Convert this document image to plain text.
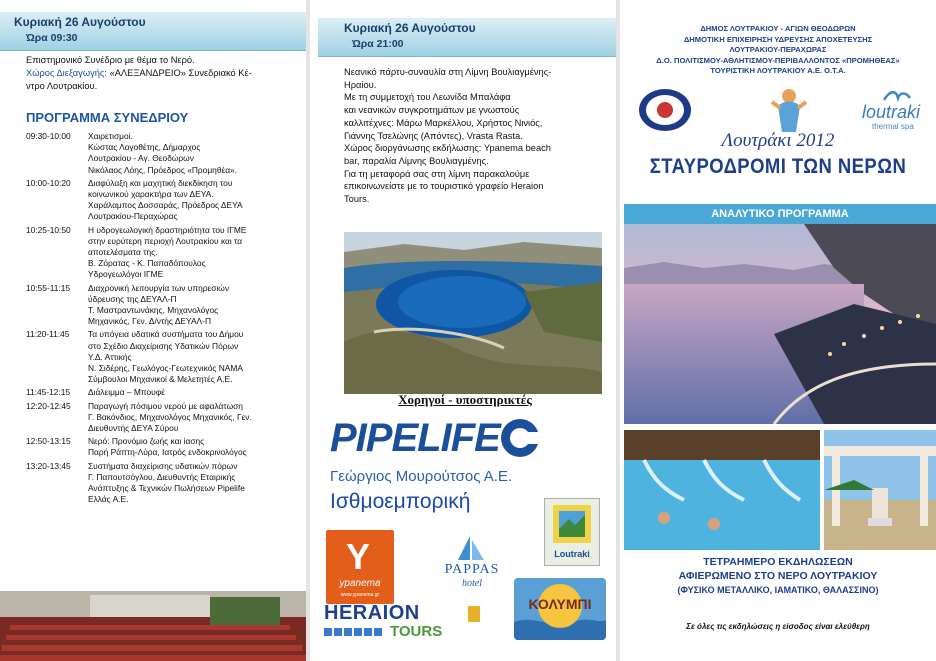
Κυριακή 26 Αυγούστου
Ώρα 09:30
Επιστημονικό Συνέδριο με θέμα το Νερό.
Χώρος Διεξαγωγής: «ΑΛΕΞΑΝΔΡΕΙΟ» Συνεδριακό Κέ-
ντρο Λουτρακίου.
ΠΡΟΓΡΑΜΜΑ ΣΥΝΕΔΡΙΟΥ
09:30-10:00	Χαιρετισμοί.
Κώστας Λογοθέτης, Δήμαρχος
Λουτρακίου - Αγ. Θεοδώρων
Νικόλαος Λόης, Πρόεδρος «Προμηθέα».
10:00-10:20	Διαφύλαξη και μαχητική διεκδίκηση του
κοινωνικού χαρακτήρα των ΔΕΥΑ.
Χαράλαμπος Δοσσαράς, Πρόεδρος ΔΕΥΑ
Λουτρακίου-Περαχώρας
10:25-10:50	Η υδρογεωλογική δραστηριότητα του ΙΓΜΕ
στην ευρύτερη περιοχή Λουτρακίου και τα
αποτελέσματα της.
Β. Ζόρατας - Κ. Παπαδόπουλος
Υδρογεωλόγοι ΙΓΜΕ
10:55-11:15	Διαχρονική λειτουργία των υπηρεσιών
ύδρευσης της ΔΕΥΑΛ-Π
Τ. Μαστραντωνάκης, Μηχανολόγος
Μηχανικός, Γεν. Δ/ντής ΔΕΥΑΛ-Π
11:20-11:45	Τα υπόγεια υδατικά συστήματα του Δήμου
στο Σχέδιο Διαχείρισης Υδατικών Πόρων
Υ.Δ. Αττικής
Ν. Σιδέρης, Γεωλόγος-Γεωτεχνικός ΝΑΜΑ
Σύμβουλοι Μηχανικοί & Μελετητές Α.Ε.
11:45-12:15	Διάλειμμα – Μπουφέ
12:20-12:45	Παραγωγή πόσιμου νερού με αφαλάτωση
Γ. Βακόνδιος, Μηχανολόγος Μηχανικός, Γεν.
Διευθυντής ΔΕΥΑ Σύρου
12:50-13:15	Νερό: Προνόμιο ζωής και ίασης
Παρή Ράπτη-Λύρα, Ιατρός ενδοκρινολόγος
13:20-13:45	Συστήματα διαχείρισης υδατικών πόρων
Γ. Παπουτσόγλου, Διευθυντής Εταιρικής
Ανάπτυξης & Τεχνικών Πωλήσεων Pipelife
Ελλάς Α.Ε.
Κυριακή 26 Αυγούστου
Ώρα 21:00
Νεανικό πάρτυ-συναυλία στη Λίμνη Βουλιαγμένης-
Ηραίου.
Με τη συμμετοχή του Λεωνίδα Μπαλάφα
και νεανικών συγκροτημάτων με γνωστούς
καλλιτέχνες: Μάρω Μαρκέλλου, Χρήστος Νινιός,
Γιάννης Τσελώνης (Απόντες), Vrasta Rasta.
Χώρος διοργάνωσης εκδήλωσης: Ypanema beach
bar, παραλία Λίμνης Βουλιαγμένης.
Για τη μεταφορά σας στη λίμνη παρακαλούμε
επικοινωνείστε με το τουριστικό γραφείο Heraion
Tours.
Χορηγοί - υποστηρικτές
PIPELIFE
Γεώργιος Μουρούτσος Α.Ε.
Ισθμοεμπορική
Y
ypanema
www.ypanema.gr
PAPPAS
hotel
Loutraki
HERAION
TOURS
ΚΟΛΥΜΠΙ
ΔΗΜΟΣ ΛΟΥΤΡΑΚΙΟΥ - ΑΓΙΩΝ ΘΕΟΔΩΡΩΝ
ΔΗΜΟΤΙΚΗ ΕΠΙΧΕΙΡΗΣΗ ΥΔΡΕΥΣΗΣ ΑΠΟΧΕΤΕΥΣΗΣ
ΛΟΥΤΡΑΚΙΟΥ-ΠΕΡΑΧΩΡΑΣ
Δ.Ο. ΠΟΛΙΤΙΣΜΟΥ-ΑΘΛΗΤΙΣΜΟΥ-ΠΕΡΙΒΑΛΛΟΝΤΟΣ «ΠΡΟΜΗΘΕΑΣ»
ΤΟΥΡΙΣΤΙΚΗ ΛΟΥΤΡΑΚΙΟΥ Α.Ε. Ο.Τ.Α.
loutraki
thermal spa
Λουτράκι 2012
ΣΤΑΥΡΟΔΡΟΜΙ ΤΩΝ ΝΕΡΩΝ
ΑΝΑΛΥΤΙΚΟ ΠΡΟΓΡΑΜΜΑ
ΤΕΤΡΑΗΜΕΡΟ ΕΚΔΗΛΩΣΕΩΝ
ΑΦΙΕΡΩΜΕΝΟ ΣΤΟ ΝΕΡΟ ΛΟΥΤΡΑΚΙΟΥ
(ΦΥΣΙΚΟ ΜΕΤΑΛΛΙΚΟ, ΙΑΜΑΤΙΚΟ, ΘΑΛΑΣΣΙΝΟ)
Σε όλες τις εκδηλώσεις η είσοδος είναι ελεύθερη
